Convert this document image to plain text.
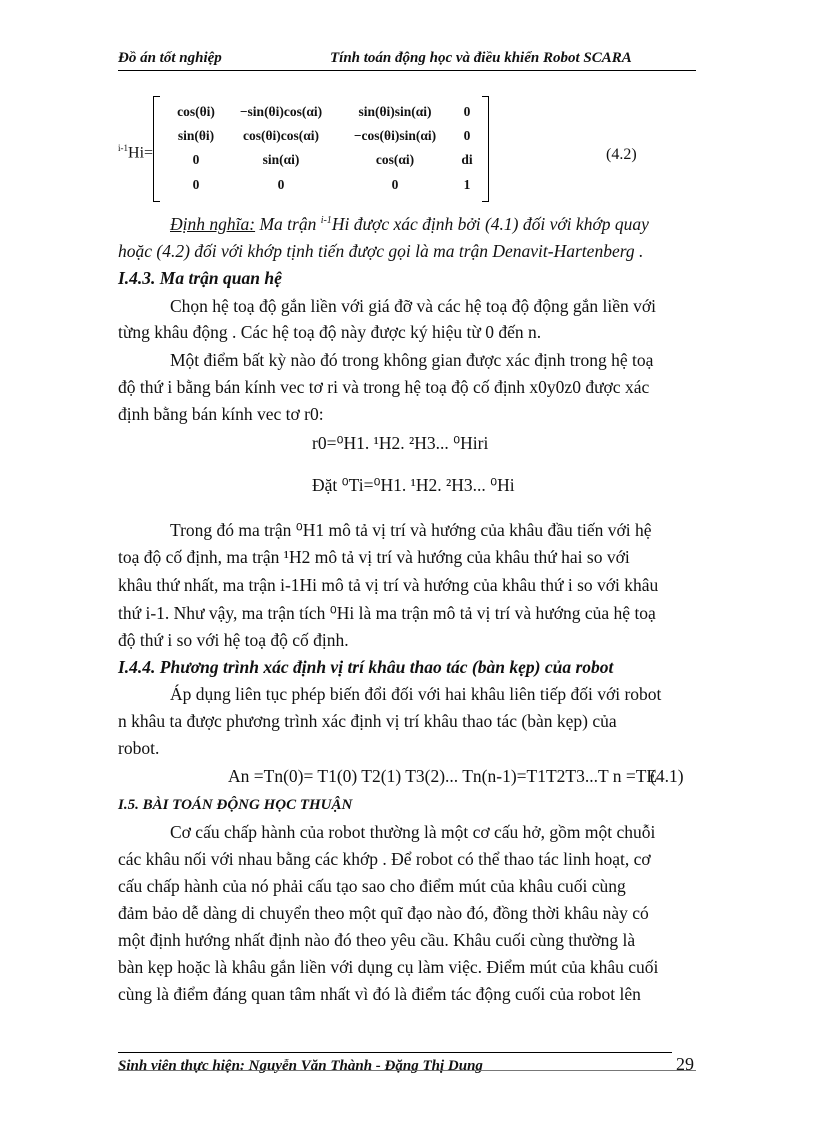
Đồ án tốt nghiệp	Tính toán động học và điều khiển Robot SCARA
$^{i-1}$Hi=
cos(θi)	−sin(θi)cos(αi)	sin(θi)sin(αi)	0
sin(θi)	cos(θi)cos(αi)	−cos(θi)sin(αi)	0
0	sin(αi)	cos(αi)	di
0	0	0	1
(4.2)
Định nghĩa: Ma trận $^{i-1}$Hi được xác định bởi (4.1) đối với khớp quay
hoặc (4.2) đối với khớp tịnh tiến được gọi là ma trận Denavit-Hartenberg .
I.4.3. Ma trận quan hệ
Chọn hệ toạ độ gắn liền với giá đỡ và các hệ toạ độ động gắn liền với
từng khâu động . Các hệ toạ độ này được ký hiệu từ 0 đến n.
Một điểm bất kỳ nào đó trong không gian được xác định trong hệ toạ
độ thứ i bằng bán kính vec tơ ri và trong hệ toạ độ cố định x0y0z0 được xác
định bằng bán kính vec tơ r0:
r0=⁰H1. ¹H2. ²H3... ⁰Hiri
Đặt ⁰Ti=⁰H1. ¹H2. ²H3... ⁰Hi
Trong đó ma trận ⁰H1 mô tả vị trí và hướng của khâu đầu tiến với hệ
toạ độ cố định, ma trận ¹H2 mô tả vị trí và hướng của khâu thứ hai so với
khâu thứ nhất, ma trận i-1Hi mô tả vị trí và hướng của khâu thứ i so với khâu
thứ i-1. Như vậy, ma trận tích ⁰Hi là ma trận mô tả vị trí và hướng của hệ toạ
độ thứ i so với hệ toạ độ cố định.
I.4.4. Phương trình xác định vị trí khâu thao tác (bàn kẹp) của robot
Áp dụng liên tục phép biến đổi đối với hai khâu liên tiếp đối với robot
n khâu ta được phương trình xác định vị trí khâu thao tác (bàn kẹp) của
robot.
An =Tn(0)= T1(0) T2(1) T3(2)... Tn(n-1)=T1T2T3...T n =TE
(4.1)
I.5. BÀI TOÁN ĐỘNG HỌC THUẬN
Cơ cấu chấp hành của robot thường là một cơ cấu hở, gồm một chuỗi
các khâu nối với nhau bằng các khớp . Để robot có thể thao tác linh hoạt, cơ
cấu chấp hành của nó phải cấu tạo sao cho điểm mút của khâu cuối cùng
đảm bảo dễ dàng di chuyển theo một quĩ đạo nào đó, đồng thời khâu này có
một định hướng nhất định nào đó theo yêu cầu. Khâu cuối cùng thường là
bàn kẹp hoặc là khâu gắn liền với dụng cụ làm việc. Điểm mút của khâu cuối
cùng là điểm đáng quan tâm nhất vì đó là điểm tác động cuối của robot lên
Sinh viên thực hiện: Nguyễn Văn Thành - Đặng Thị Dung	29
